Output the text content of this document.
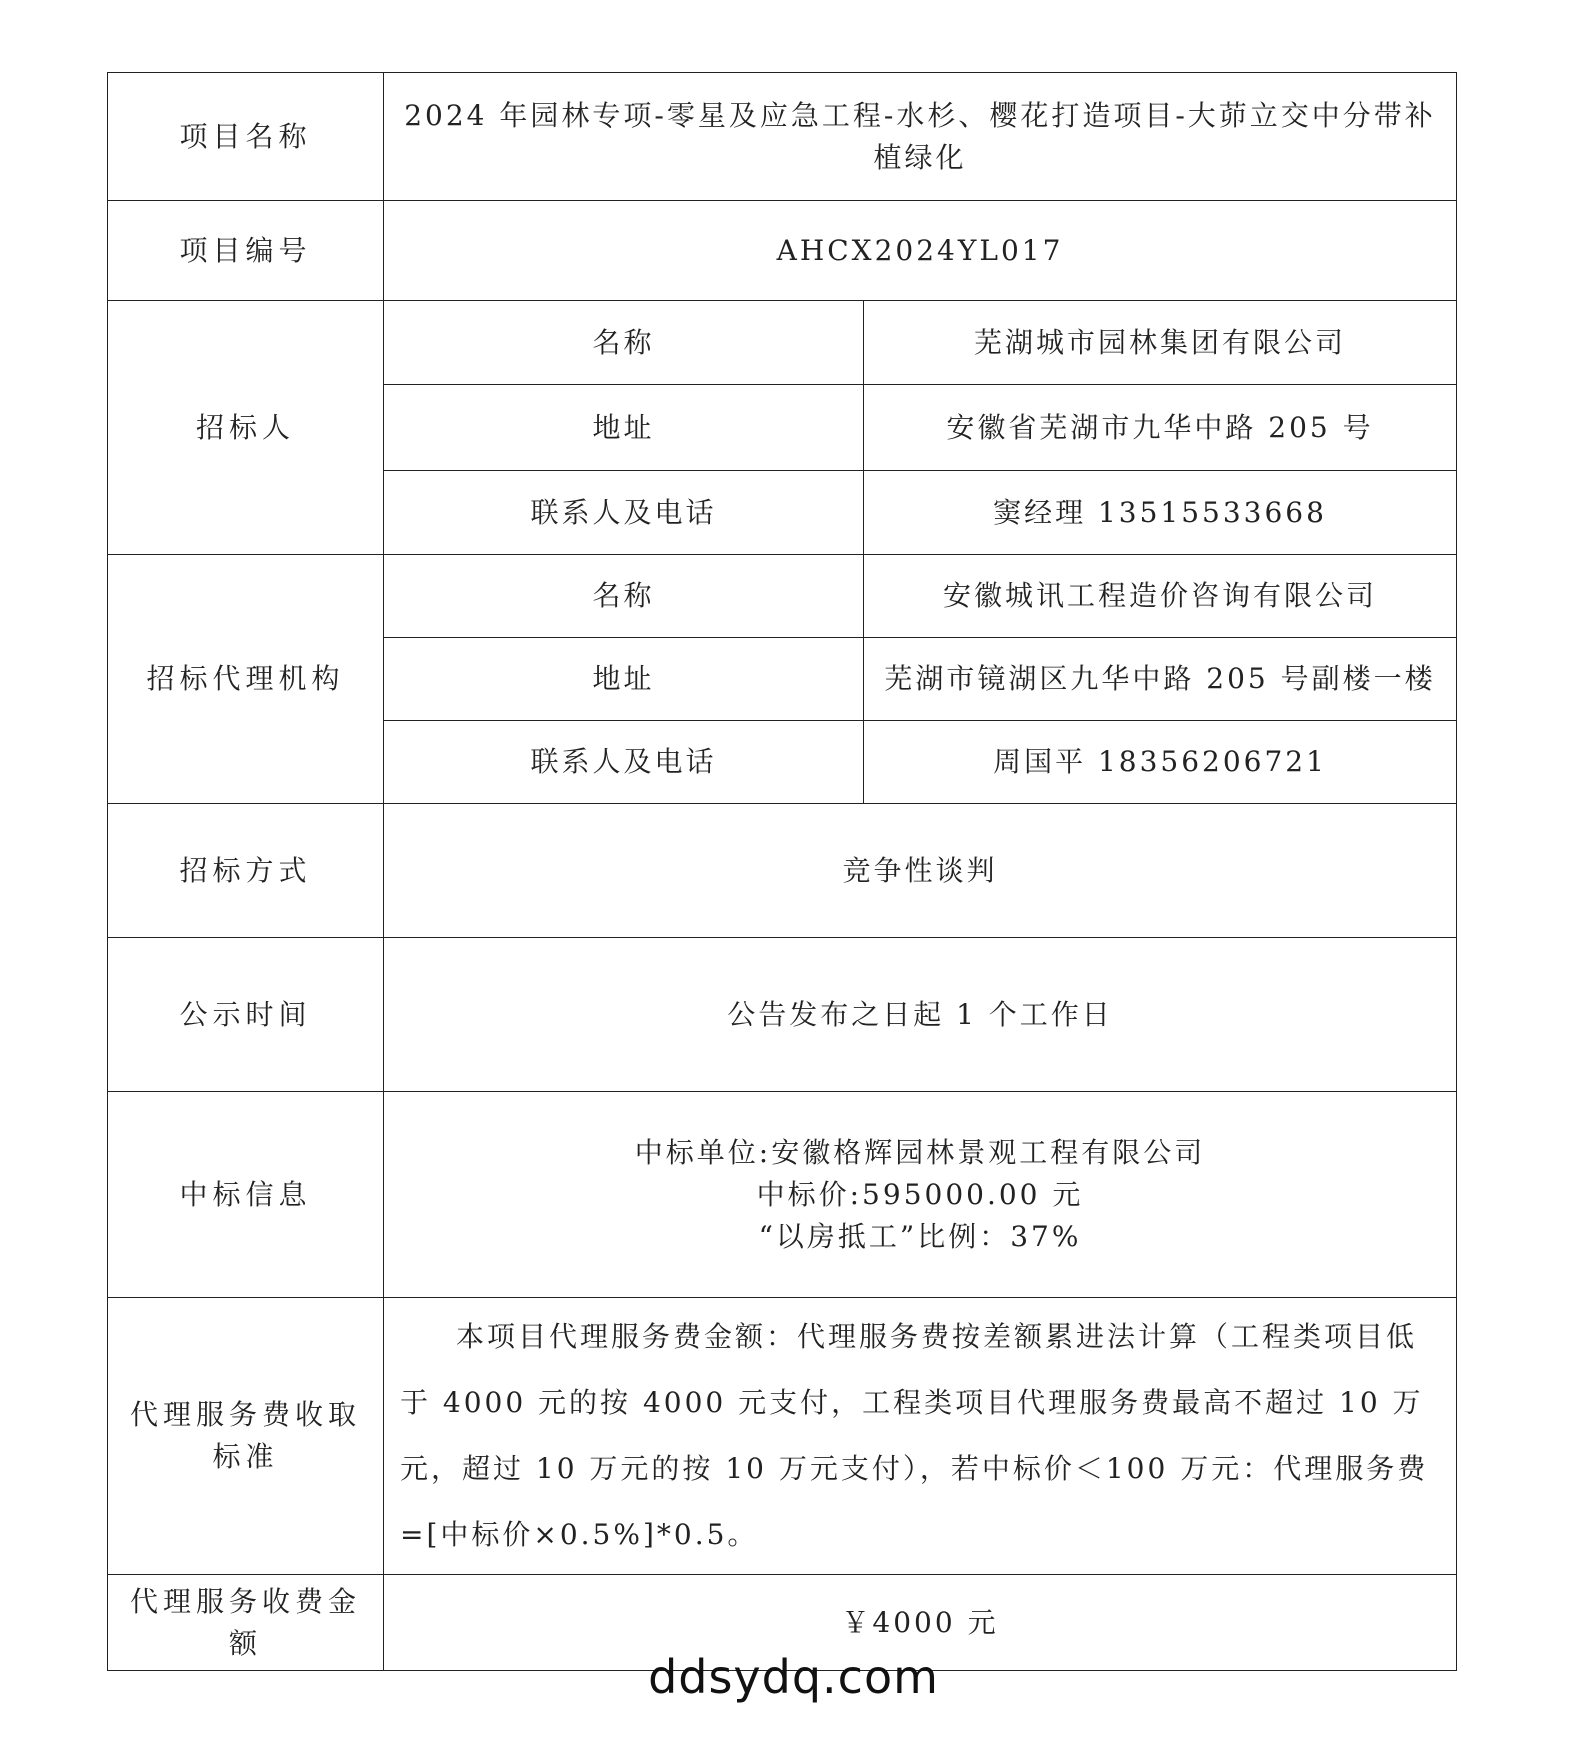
项目名称	2024 年园林专项-零星及应急工程-水杉、樱花打造项目-大茆立交中分带补植绿化	
项目编号	AHCX2024YL017	
招标人	名称	芜湖城市园林集团有限公司
	地址	安徽省芜湖市九华中路 205 号
	联系人及电话	窦经理 13515533668
招标代理机构	名称	安徽城讯工程造价咨询有限公司
	地址	芜湖市镜湖区九华中路 205 号副楼一楼
	联系人及电话	周国平 18356206721
招标方式	竞争性谈判	
公示时间	公告发布之日起 1 个工作日	
中标信息	中标单位:安徽格辉园林景观工程有限公司
中标价:595000.00 元
“以房抵工”比例：37%	

代理服务费收取标准	本项目代理服务费金额：代理服务费按差额累进法计算（工程类项目低于 4000 元的按 4000 元支付，工程类项目代理服务费最高不超过 10 万元，超过 10 万元的按 10 万元支付），若中标价＜100 万元：代理服务费=[中标价×0.5%]*0.5。	
代理服务收费金额	￥4000 元	
ddsydq.com
